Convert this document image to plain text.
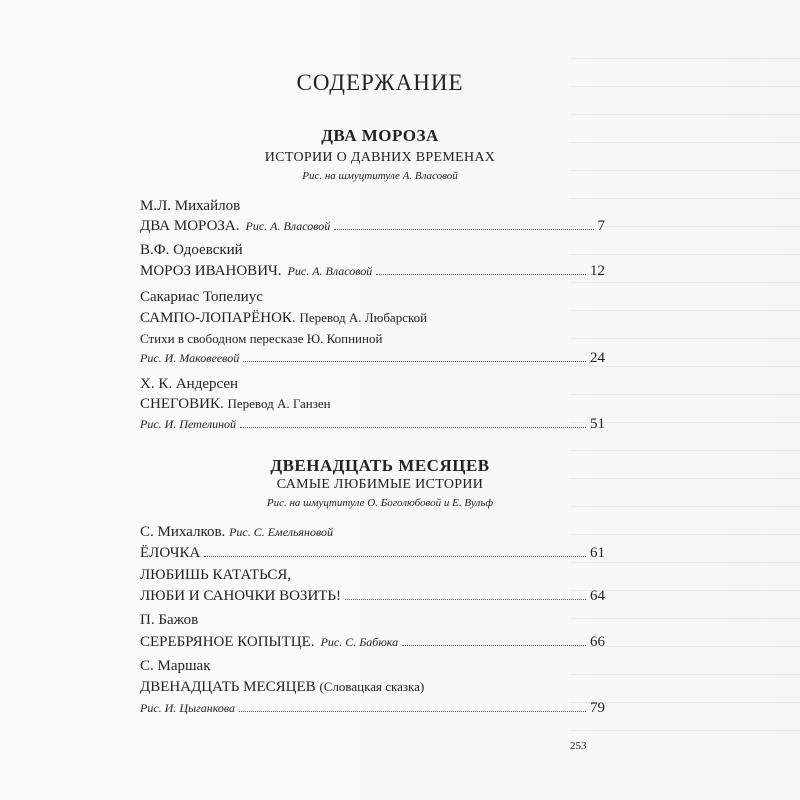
СОДЕРЖАНИЕ
ДВА МОРОЗА
ИСТОРИИ О ДАВНИХ ВРЕМЕНАХ
Рис. на шмуцтитуле А. Власовой
М.Л. Михайлов
ДВА МОРОЗА. Рис. А. Власовой	7
В.Ф. Одоевский
МОРОЗ ИВАНОВИЧ. Рис. А. Власовой	12
Сакариас Топелиус
САМПО-ЛОПАРЁНОК. Перевод А. Любарской
Стихи в свободном пересказе Ю. Копниной
Рис. И. Маковеевой	24
Х. К. Андерсен
СНЕГОВИК. Перевод А. Ганзен
Рис. И. Петелиной	51
ДВЕНАДЦАТЬ МЕСЯЦЕВ
САМЫЕ ЛЮБИМЫЕ ИСТОРИИ
Рис. на шмуцтитуле О. Боголюбовой и Е. Вульф
С. Михалков. Рис. С. Емельяновой
ЁЛОЧКА	61
ЛЮБИШЬ КАТАТЬСЯ,
ЛЮБИ И САНОЧКИ ВОЗИТЬ!	64
П. Бажов
СЕРЕБРЯНОЕ КОПЫТЦЕ. Рис. С. Бабюка	66
С. Маршак
ДВЕНАДЦАТЬ МЕСЯЦЕВ (Словацкая сказка)
Рис. И. Цыганкова	79
253
